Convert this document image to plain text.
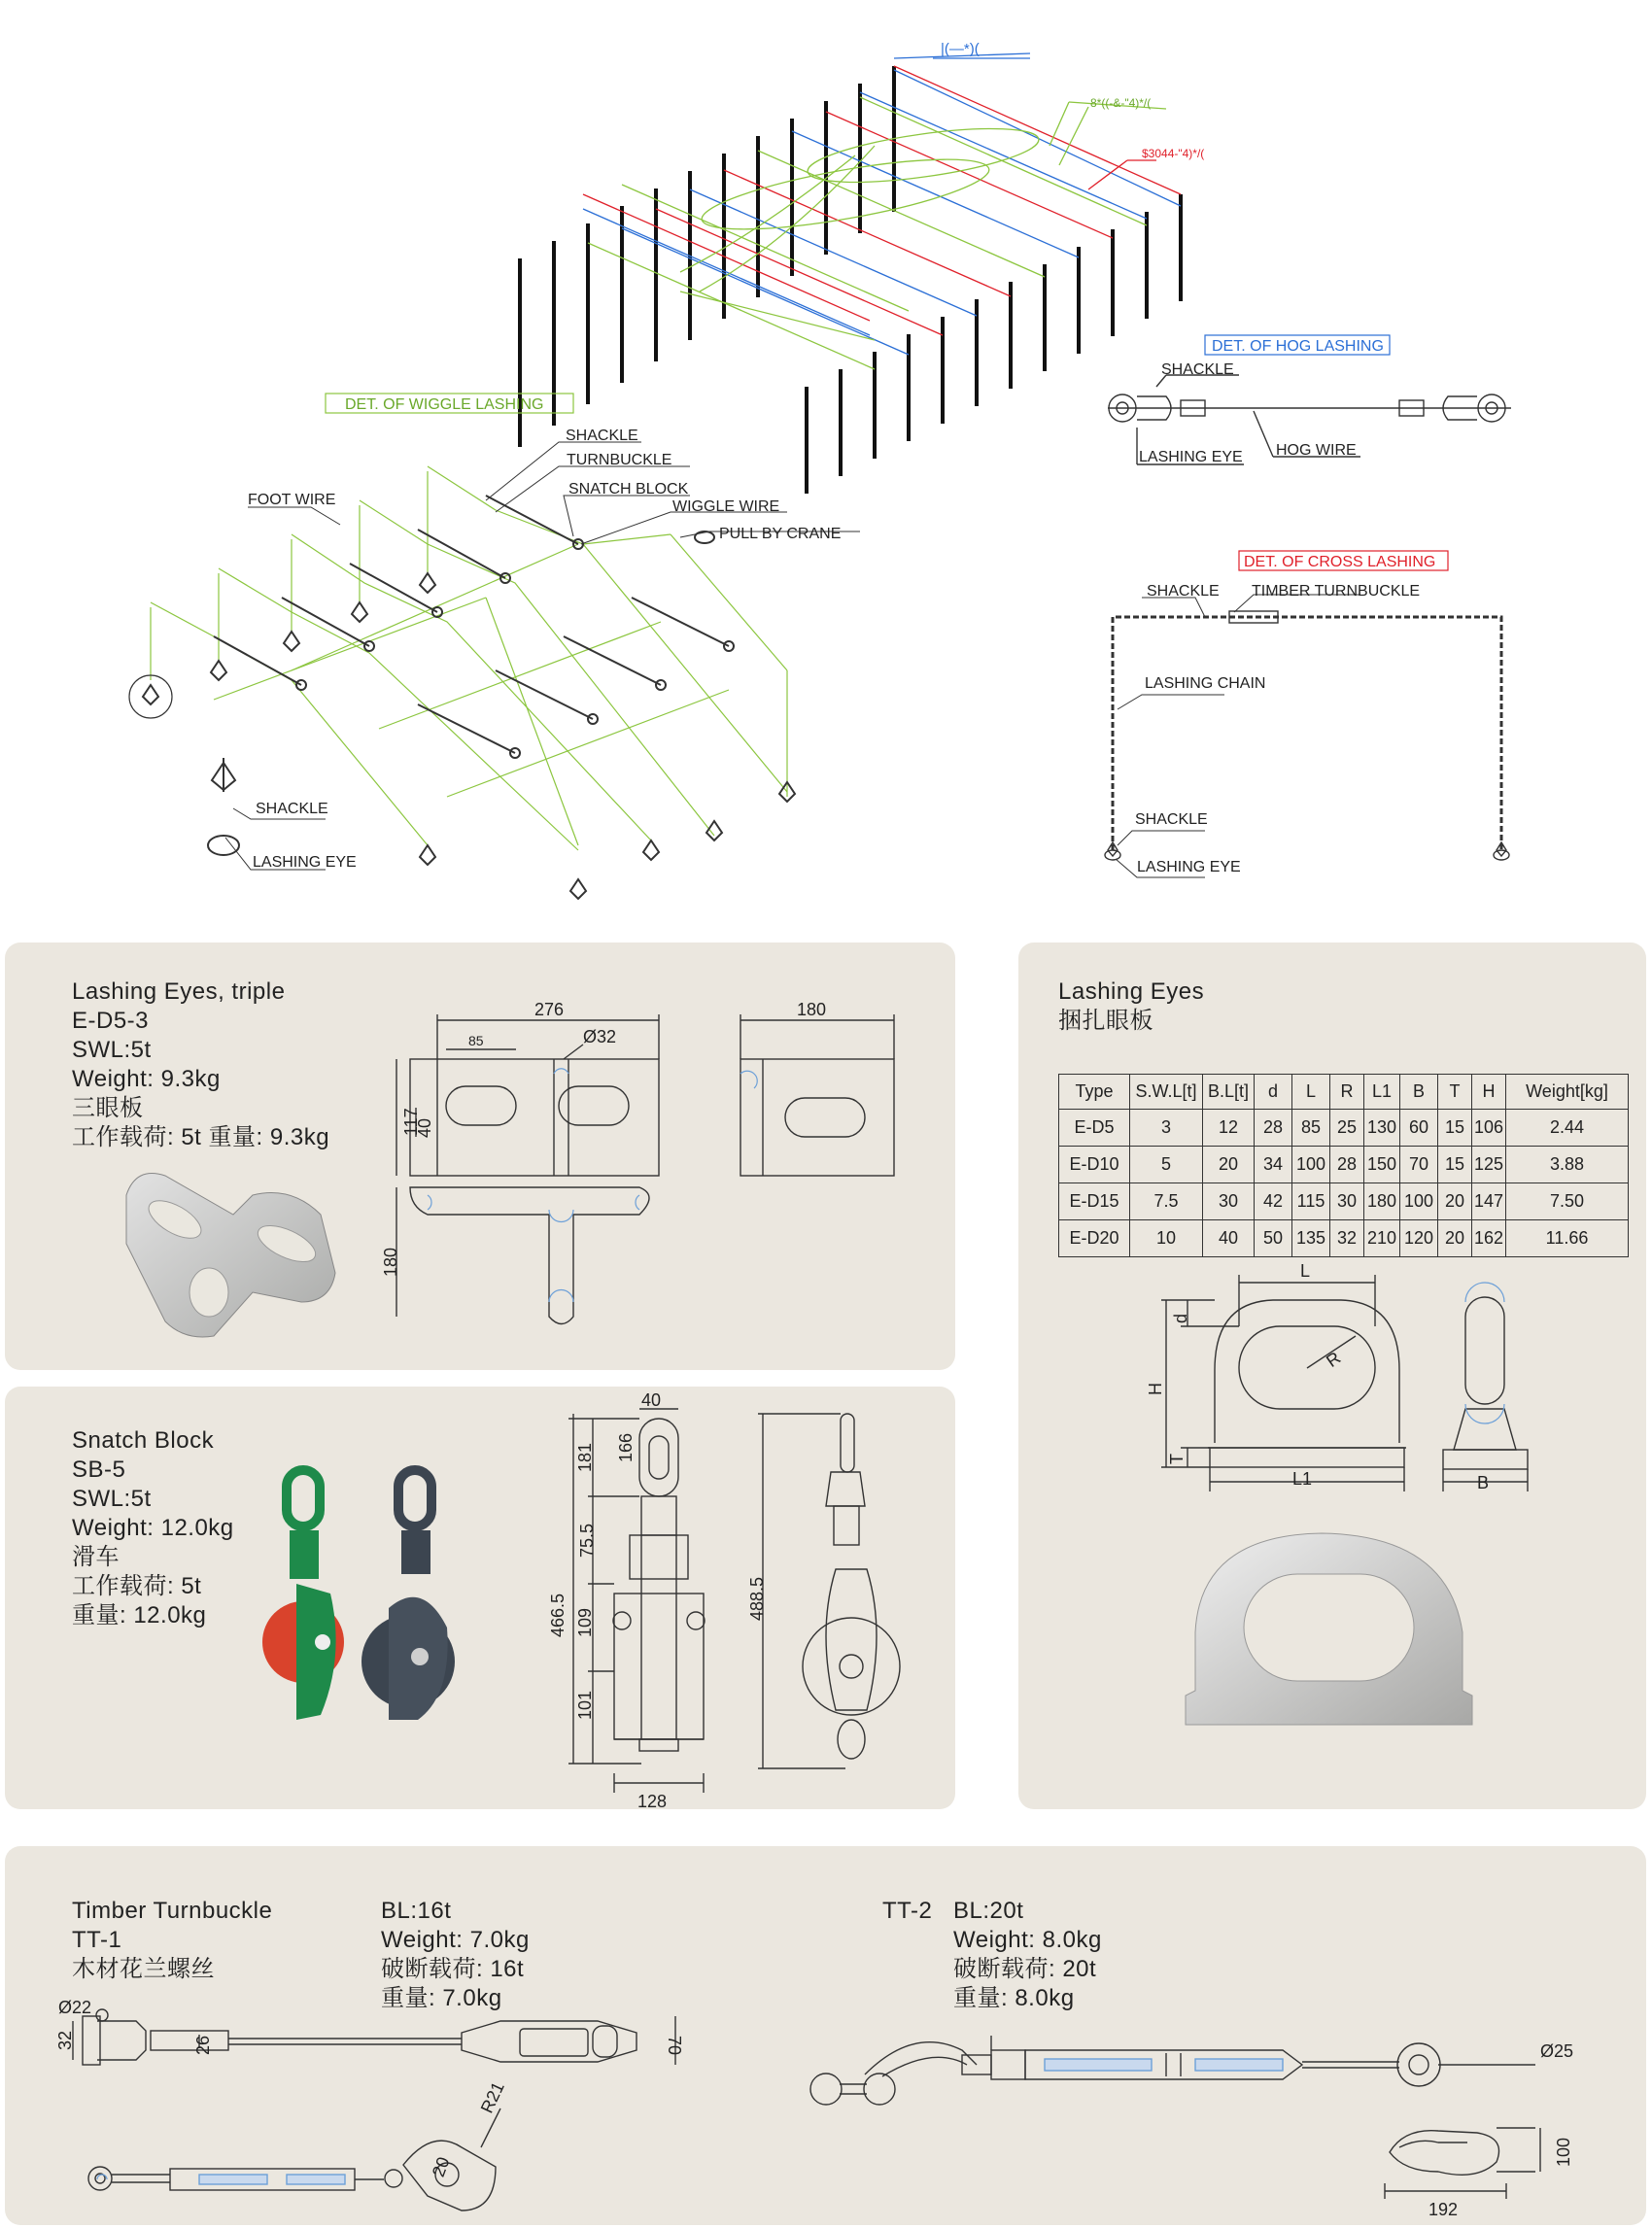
|(—*)(
8*((-&-"4)*/(
$3044-"4)*/(
DET. OF HOG LASHING
SHACKLE
LASHING EYE HOG WIRE
DET. OF WIGGLE LASHING
SHACKLE
TURNBUCKLE
SNATCH BLOCK
WIGGLE WIRE
PULL BY CRANE
FOOT WIRE
SHACKLE
LASHING EYE
DET. OF CROSS LASHING
SHACKLE TIMBER TURNBUCKLE
LASHING CHAIN
SHACKLE
LASHING EYE
Lashing Eyes, triple
E-D5-3
SWL:5t
Weight: 9.3kg
三眼板
工作载荷: 5t 重量: 9.3kg
276
85	Ø32
117
40
180
180
Snatch Block
SB-5
SWL:5t
Weight: 12.0kg
滑车
工作载荷: 5t
重量: 12.0kg
40
166
181
466.5
75.5
109
101
128
488.5
Lashing Eyes
捆扎眼板
Type	S.W.L[t]	B.L[t]	d	L	R	L1	B	T	H	Weight[kg]
E-D5	3	12	28	85	25	130	60	15	106	2.44
E-D10	5	20	34	100	28	150	70	15	125	3.88
E-D15	7.5	30	42	115	30	180	100	20	147	7.50
E-D20	10	40	50	135	32	210	120	20	162	11.66
L
d
H
R
T
L1	B
Timber Turnbuckle
TT-1
木材花兰螺丝
BL:16t
Weight: 7.0kg
破断载荷: 16t
重量: 7.0kg
TT-2 BL:20t
Weight: 8.0kg
破断载荷: 20t
重量: 8.0kg
Ø22
32	26	70
R21
20
Ø25
100
192
